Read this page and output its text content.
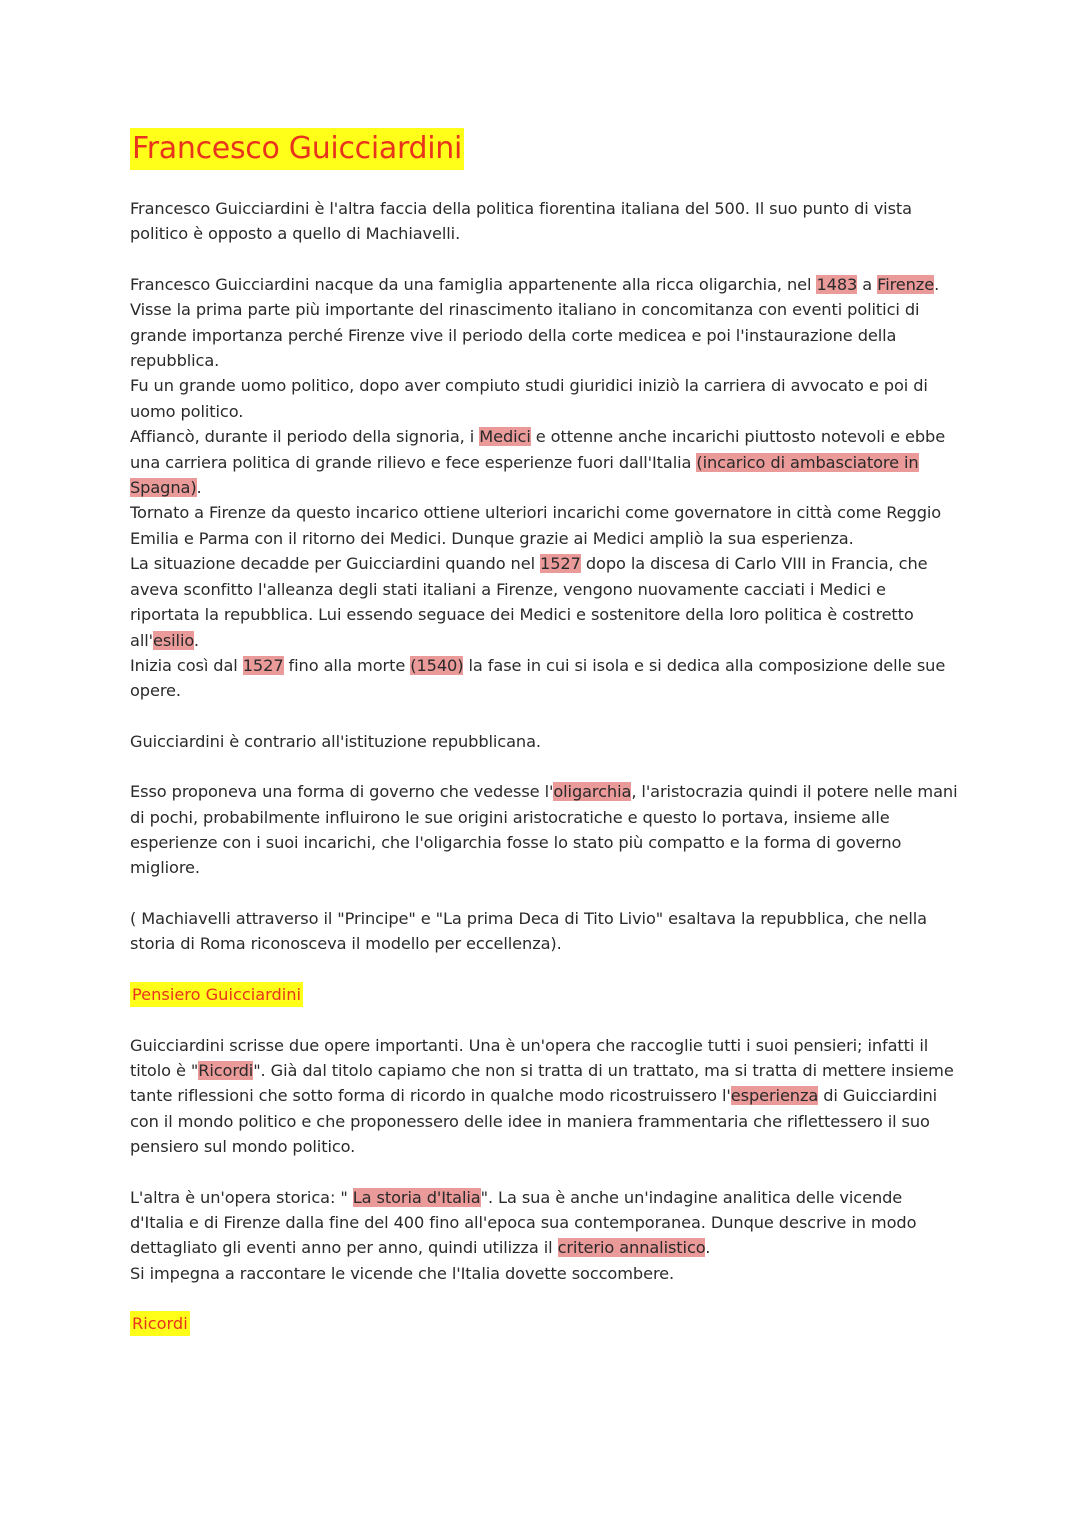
Francesco Guicciardini

Francesco Guicciardini è l'altra faccia della politica fiorentina italiana del 500. Il suo punto di vista politico è opposto a quello di Machiavelli.

Francesco Guicciardini nacque da una famiglia appartenente alla ricca oligarchia, nel 1483 a Firenze.

Visse la prima parte più importante del rinascimento italiano in concomitanza con eventi politici di grande importanza perché Firenze vive il periodo della corte medicea e poi l'instaurazione della repubblica.

Fu un grande uomo politico, dopo aver compiuto studi giuridici iniziò la carriera di avvocato e poi di uomo politico.

Affiancò, durante il periodo della signoria, i Medici e ottenne anche incarichi piuttosto notevoli e ebbe una carriera politica di grande rilievo e fece esperienze fuori dall'Italia (incarico di ambasciatore in Spagna).

Tornato a Firenze da questo incarico ottiene ulteriori incarichi come governatore in città come Reggio Emilia e Parma con il ritorno dei Medici. Dunque grazie ai Medici ampliò la sua esperienza.

La situazione decadde per Guicciardini quando nel 1527 dopo la discesa di Carlo VIII in Francia, che aveva sconfitto l'alleanza degli stati italiani a Firenze, vengono nuovamente cacciati i Medici e riportata la repubblica. Lui essendo seguace dei Medici e sostenitore della loro politica è costretto all'esilio.

Inizia così dal 1527 fino alla morte (1540) la fase in cui si isola e si dedica alla composizione delle sue opere.

Guicciardini è contrario all'istituzione repubblicana.

Esso proponeva una forma di governo che vedesse l'oligarchia, l'aristocrazia quindi il potere nelle mani di pochi, probabilmente influirono le sue origini aristocratiche e questo lo portava, insieme alle esperienze con i suoi incarichi, che l'oligarchia fosse lo stato più compatto e la forma di governo migliore.

( Machiavelli attraverso il "Principe" e "La prima Deca di Tito Livio" esaltava la repubblica, che nella storia di Roma riconosceva il modello per eccellenza).

Pensiero Guicciardini

Guicciardini scrisse due opere importanti. Una è un'opera che raccoglie tutti i suoi pensieri; infatti il titolo è "Ricordi". Già dal titolo capiamo che non si tratta di un trattato, ma si tratta di mettere insieme tante riflessioni che sotto forma di ricordo in qualche modo ricostruissero l'esperienza di Guicciardini con il mondo politico e che proponessero delle idee in maniera frammentaria che riflettessero il suo pensiero sul mondo politico.

L'altra è un'opera storica: " La storia d'Italia". La sua è anche un'indagine analitica delle vicende d'Italia e di Firenze dalla fine del 400 fino all'epoca sua contemporanea. Dunque descrive in modo dettagliato gli eventi anno per anno, quindi utilizza il criterio annalistico.

Si impegna a raccontare le vicende che l'Italia dovette soccombere.

Ricordi
